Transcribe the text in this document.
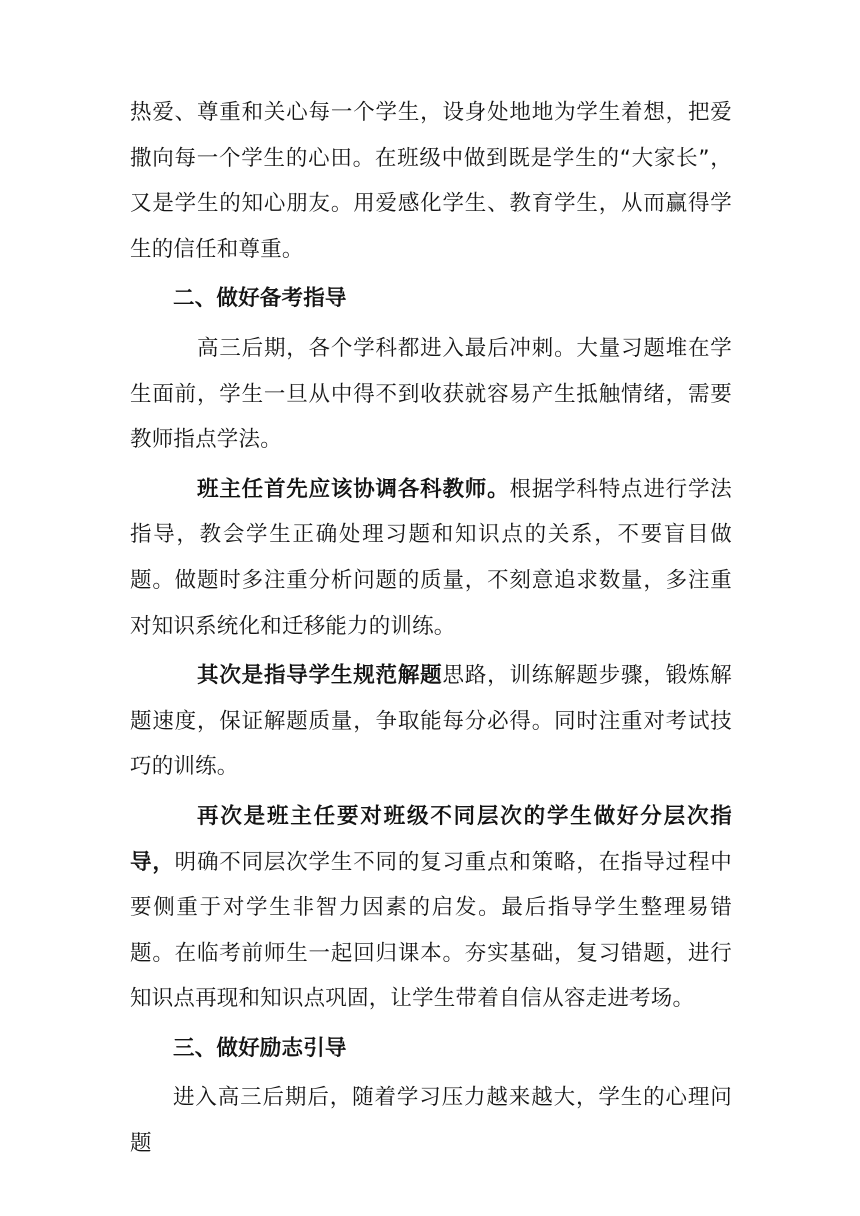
热爱、尊重和关心每一个学生，设身处地地为学生着想，把爱撒向每一个学生的心田。在班级中做到既是学生的“大家长”，又是学生的知心朋友。用爱感化学生、教育学生，从而赢得学生的信任和尊重。

二、做好备考指导

高三后期，各个学科都进入最后冲刺。大量习题堆在学生面前，学生一旦从中得不到收获就容易产生抵触情绪，需要教师指点学法。

班主任首先应该协调各科教师。根据学科特点进行学法指导，教会学生正确处理习题和知识点的关系，不要盲目做题。做题时多注重分析问题的质量，不刻意追求数量，多注重对知识系统化和迁移能力的训练。

其次是指导学生规范解题思路，训练解题步骤，锻炼解题速度，保证解题质量，争取能每分必得。同时注重对考试技巧的训练。

再次是班主任要对班级不同层次的学生做好分层次指导，明确不同层次学生不同的复习重点和策略，在指导过程中要侧重于对学生非智力因素的启发。最后指导学生整理易错题。在临考前师生一起回归课本。夯实基础，复习错题，进行知识点再现和知识点巩固，让学生带着自信从容走进考场。

三、做好励志引导

进入高三后期后，随着学习压力越来越大，学生的心理问题
